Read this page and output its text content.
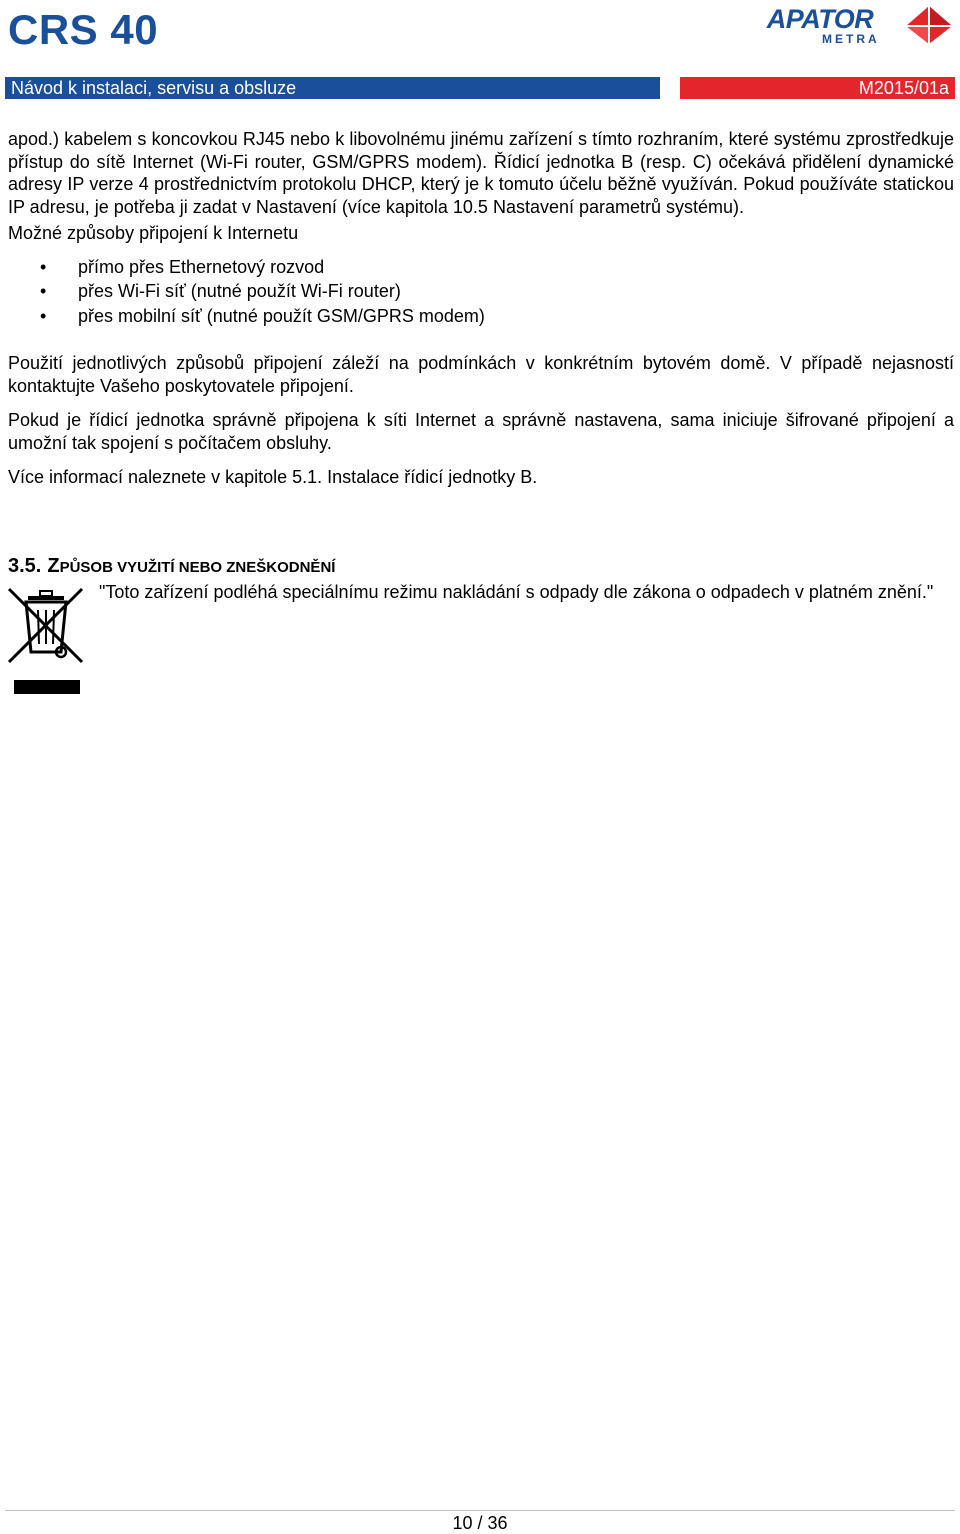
CRS 40	APATOR
METRA
Návod k instalaci, servisu a obsluze	M2015/01a

apod.) kabelem s koncovkou RJ45 nebo k libovolnému jinému zařízení s tímto rozhraním, které systému zprostředkuje přístup do sítě Internet (Wi-Fi router, GSM/GPRS modem). Řídicí jednotka B (resp. C) očekává přidělení dynamické adresy IP verze 4 prostřednictvím protokolu DHCP, který je k tomuto účelu běžně využíván. Pokud používáte statickou IP adresu, je potřeba ji zadat v Nastavení (více kapitola 10.5 Nastavení parametrů systému).

Možné způsoby připojení k Internetu

• přímo přes Ethernetový rozvod
• přes Wi-Fi síť (nutné použít Wi-Fi router)
• přes mobilní síť (nutné použít GSM/GPRS modem)

Použití jednotlivých způsobů připojení záleží na podmínkách v konkrétním bytovém domě. V případě nejasností kontaktujte Vašeho poskytovatele připojení.

Pokud je řídicí jednotka správně připojena k síti Internet a správně nastavena, sama iniciuje šifrované připojení a umožní tak spojení s počítačem obsluhy.

Více informací naleznete v kapitole 5.1. Instalace řídicí jednotky B.

3.5. ZPŮSOB VYUŽITÍ NEBO ZNEŠKODNĚNÍ

"Toto zařízení podléhá speciálnímu režimu nakládání s odpady dle zákona o odpadech v platném znění."

10 / 36
